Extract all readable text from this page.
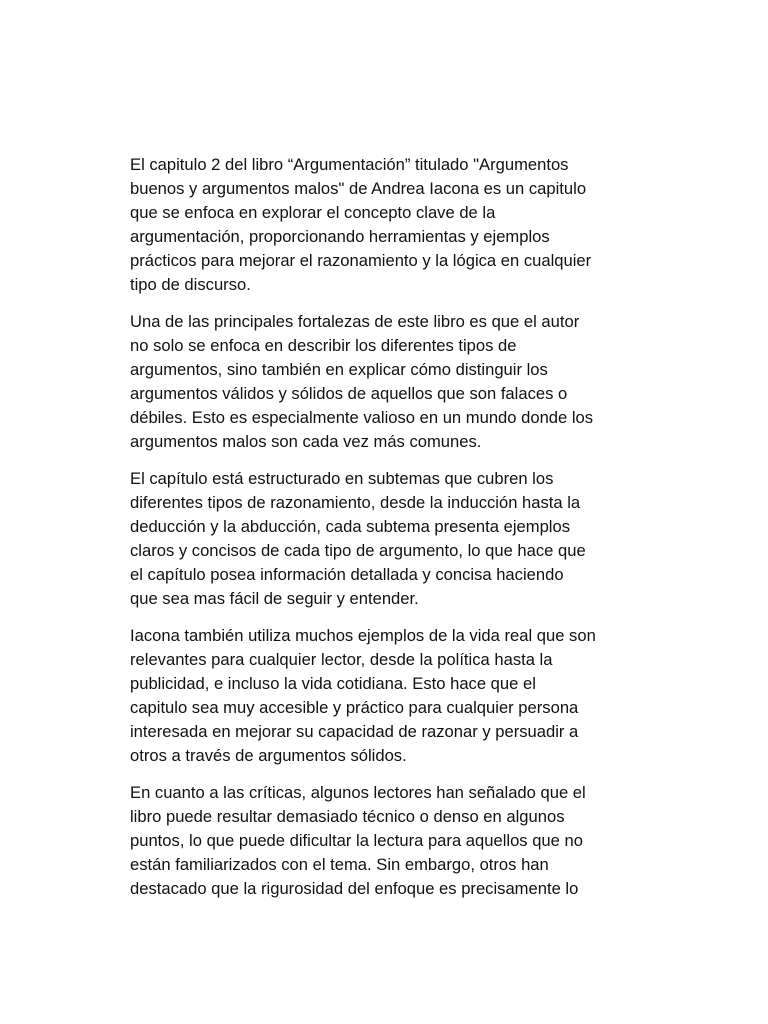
El capitulo 2 del libro “Argumentación” titulado "Argumentos
buenos y argumentos malos" de Andrea Iacona es un capitulo
que se enfoca en explorar el concepto clave de la
argumentación, proporcionando herramientas y ejemplos
prácticos para mejorar el razonamiento y la lógica en cualquier
tipo de discurso.

Una de las principales fortalezas de este libro es que el autor
no solo se enfoca en describir los diferentes tipos de
argumentos, sino también en explicar cómo distinguir los
argumentos válidos y sólidos de aquellos que son falaces o
débiles. Esto es especialmente valioso en un mundo donde los
argumentos malos son cada vez más comunes.

El capítulo está estructurado en subtemas que cubren los
diferentes tipos de razonamiento, desde la inducción hasta la
deducción y la abducción, cada subtema presenta ejemplos
claros y concisos de cada tipo de argumento, lo que hace que
el capítulo posea información detallada y concisa haciendo
que sea mas fácil de seguir y entender.

Iacona también utiliza muchos ejemplos de la vida real que son
relevantes para cualquier lector, desde la política hasta la
publicidad, e incluso la vida cotidiana. Esto hace que el
capitulo sea muy accesible y práctico para cualquier persona
interesada en mejorar su capacidad de razonar y persuadir a
otros a través de argumentos sólidos.

En cuanto a las críticas, algunos lectores han señalado que el
libro puede resultar demasiado técnico o denso en algunos
puntos, lo que puede dificultar la lectura para aquellos que no
están familiarizados con el tema. Sin embargo, otros han
destacado que la rigurosidad del enfoque es precisamente lo
